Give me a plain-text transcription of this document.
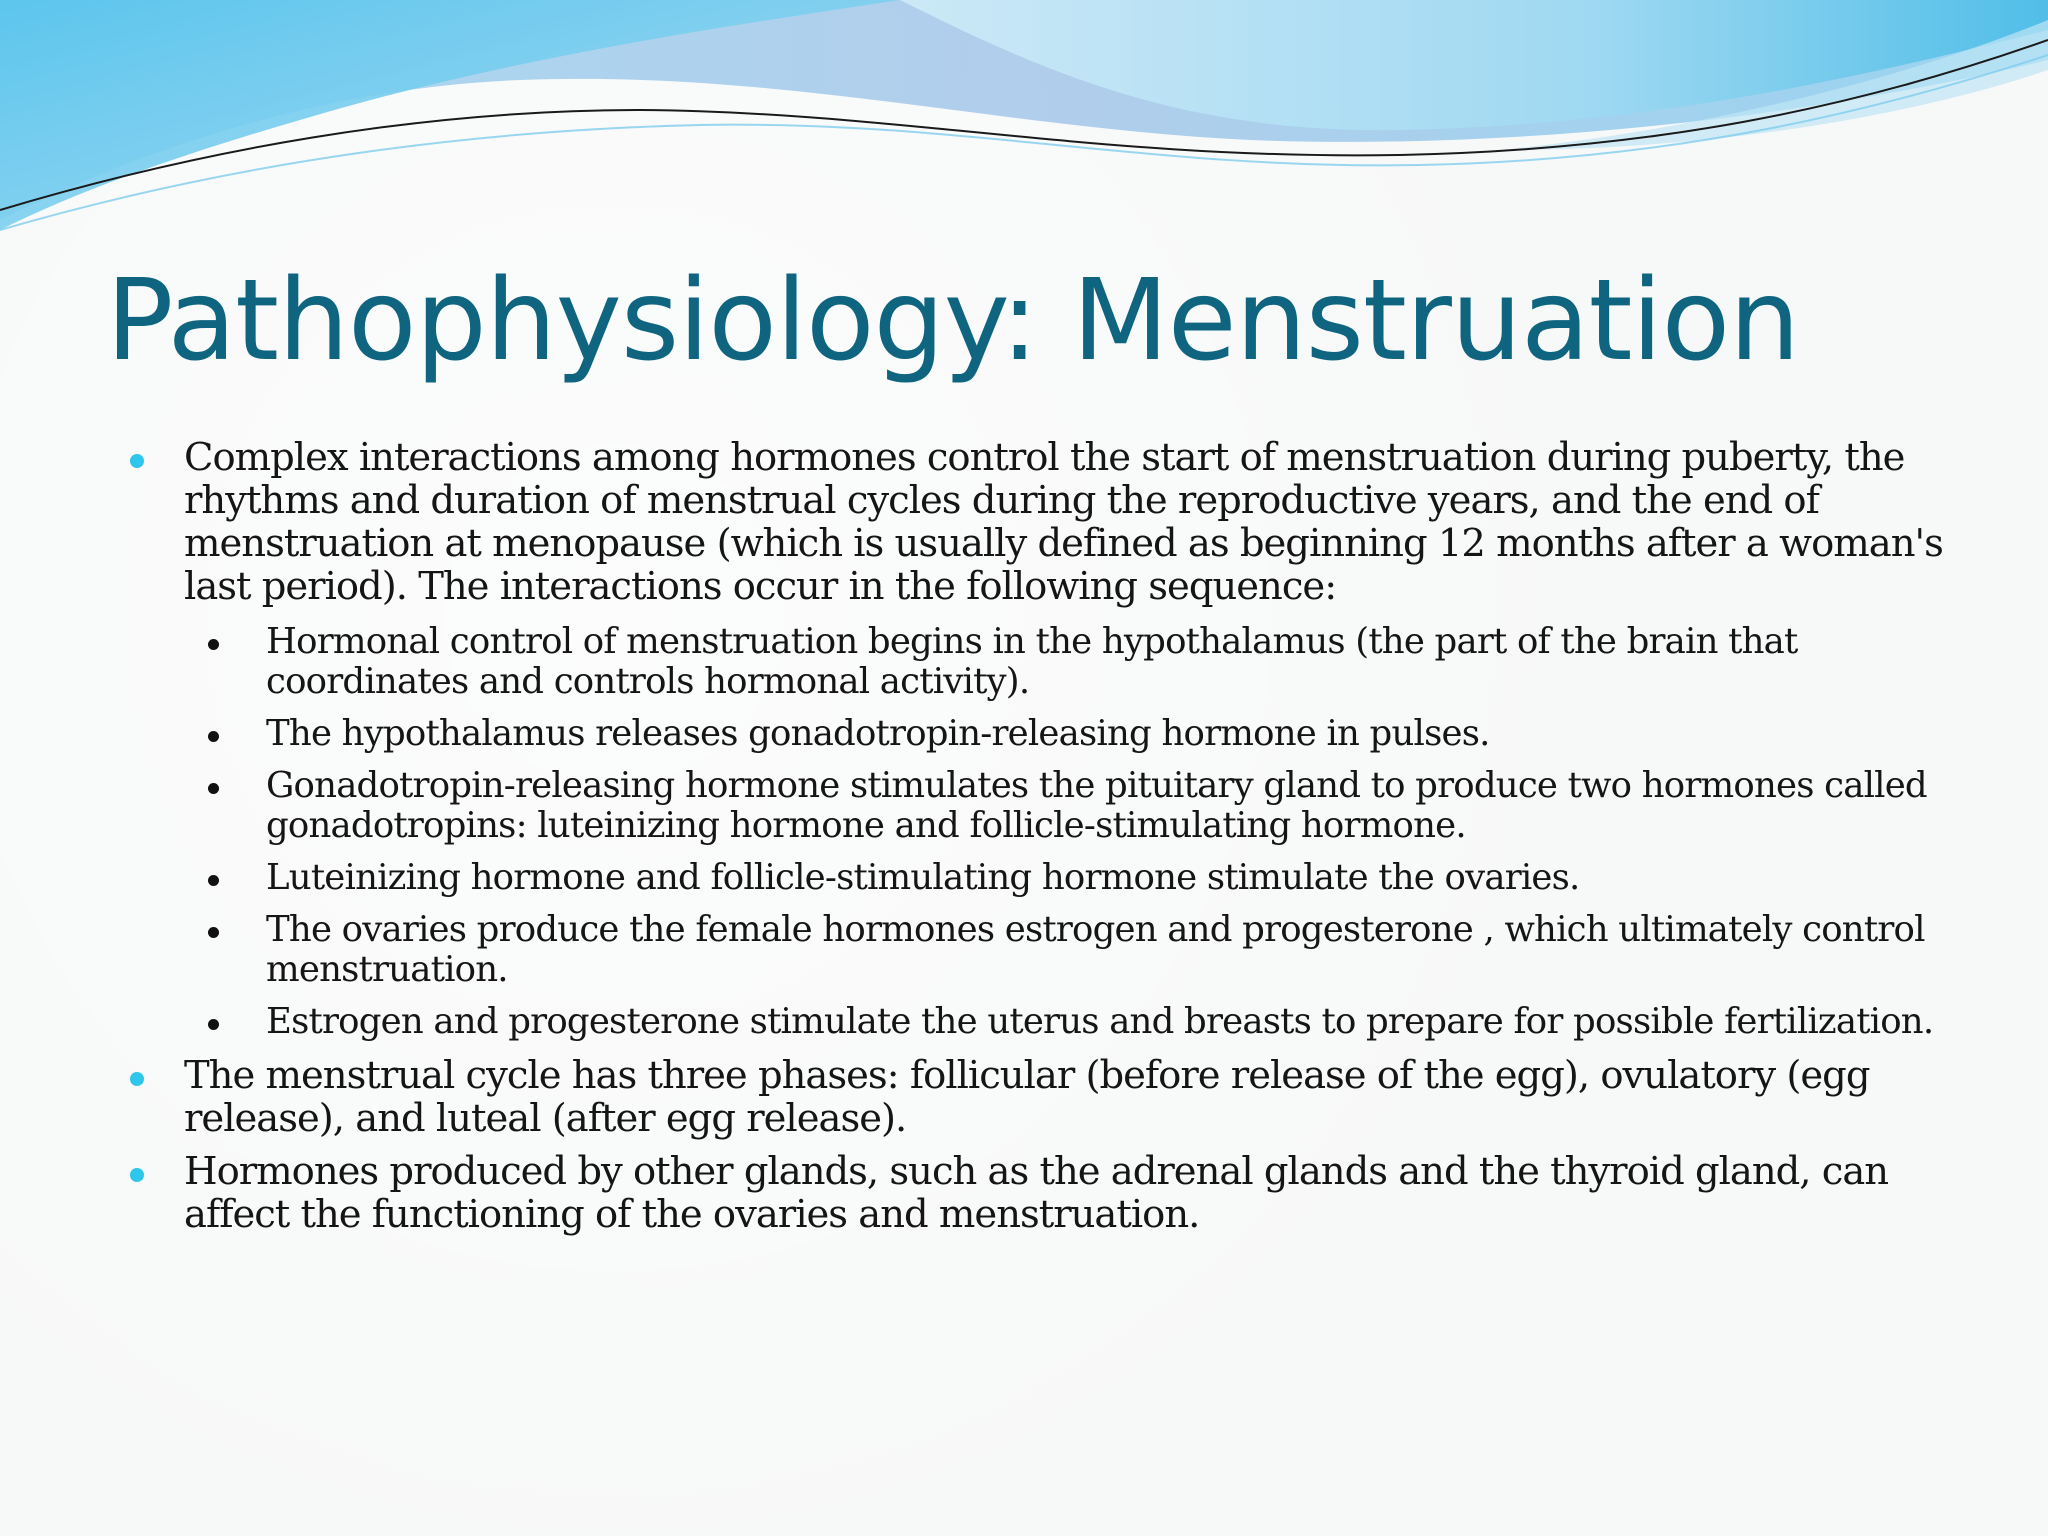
Pathophysiology: Menstruation
Complex interactions among hormones control the start of menstruation during puberty, the rhythms and duration of menstrual cycles during the reproductive years, and the end of menstruation at menopause (which is usually defined as beginning 12 months after a woman's last period). The interactions occur in the following sequence:
Hormonal control of menstruation begins in the hypothalamus (the part of the brain that coordinates and controls hormonal activity).
The hypothalamus releases gonadotropin-releasing hormone in pulses.
Gonadotropin-releasing hormone stimulates the pituitary gland to produce two hormones called gonadotropins: luteinizing hormone and follicle-stimulating hormone.
Luteinizing hormone and follicle-stimulating hormone stimulate the ovaries.
The ovaries produce the female hormones estrogen and progesterone , which ultimately control menstruation.
Estrogen and progesterone stimulate the uterus and breasts to prepare for possible fertilization.
The menstrual cycle has three phases: follicular (before release of the egg), ovulatory (egg release), and luteal (after egg release).
Hormones produced by other glands, such as the adrenal glands and the thyroid gland, can affect the functioning of the ovaries and menstruation.
